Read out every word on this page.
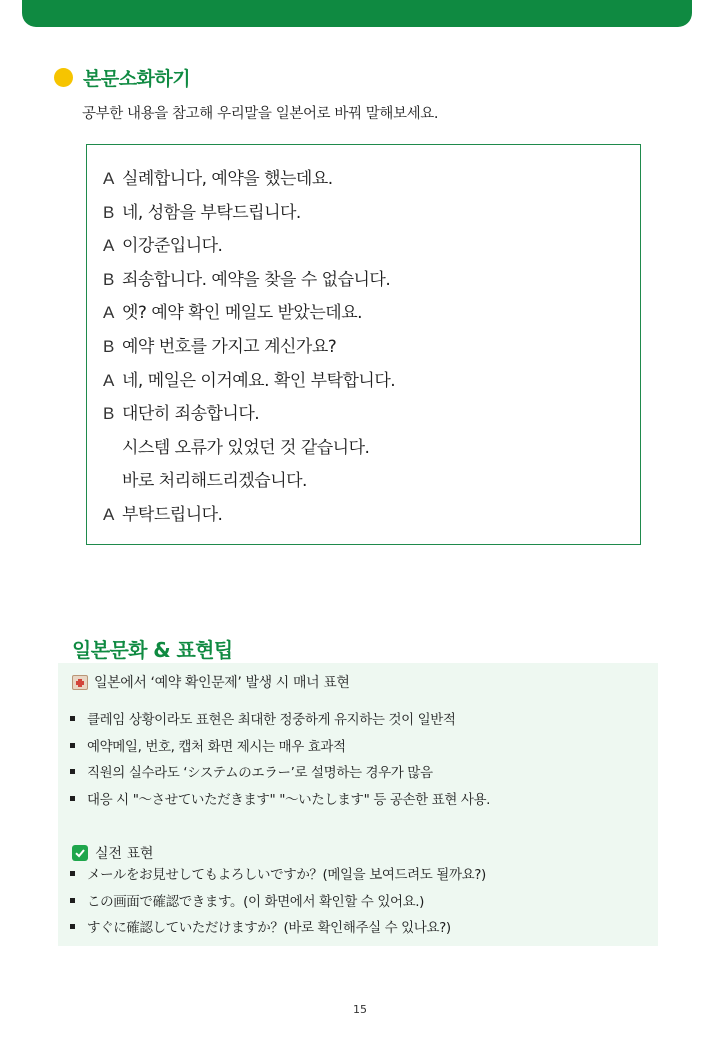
본문소화하기
공부한 내용을 참고해 우리말을 일본어로 바꿔 말해보세요.
A 실례합니다, 예약을 했는데요.
B 네, 성함을 부탁드립니다.
A 이강준입니다.
B 죄송합니다. 예약을 찾을 수 없습니다.
A 엣? 예약 확인 메일도 받았는데요.
B 예약 번호를 가지고 계신가요?
A 네, 메일은 이거예요. 확인 부탁합니다.
B 대단히 죄송합니다.
시스템 오류가 있었던 것 같습니다.
바로 처리해드리겠습니다.
A 부탁드립니다.
일본문화 & 표현팁
일본에서 ‘예약 확인문제’ 발생 시 매너 표현
클레임 상황이라도 표현은 최대한 정중하게 유지하는 것이 일반적
예약메일, 번호, 캡처 화면 제시는 매우 효과적
직원의 실수라도 ‘システムのエラー’로 설명하는 경우가 많음
대응 시 "～させていただきます" "～いたします" 등 공손한 표현 사용.
실전 표현
メールをお見せしてもよろしいですか？(메일을 보여드려도 될까요?)
この画面で確認できます。(이 화면에서 확인할 수 있어요.)
すぐに確認していただけますか？(바로 확인해주실 수 있나요?)
15
